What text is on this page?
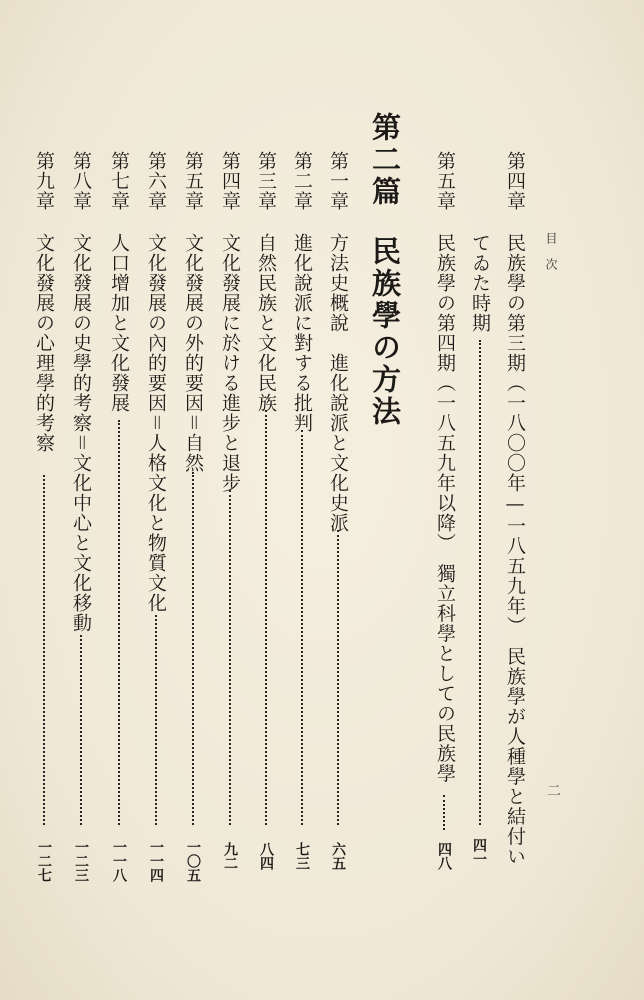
目次
二
第四章
民族學の第三期（一八〇〇年—一八五九年）　民族學が人種學と結付い
てゐた時期
四一
第五章
民族學の第四期（一八五九年以降）　獨立科學としての民族學
四八
第二篇
民族學の方法
第一章
方法史概說　進化說派と文化史派
六五
第二章
進化說派に對する批判
七三
第三章
自然民族と文化民族
八四
第四章
文化發展に於ける進步と退步
九二
第五章
文化發展の外的要因＝自然
一〇五
第六章
文化發展の內的要因＝人格文化と物質文化
一一四
第七章
人口增加と文化發展
一一八
第八章
文化發展の史學的考察＝文化中心と文化移動
一二三
第九章
文化發展の心理學的考察
一二七
